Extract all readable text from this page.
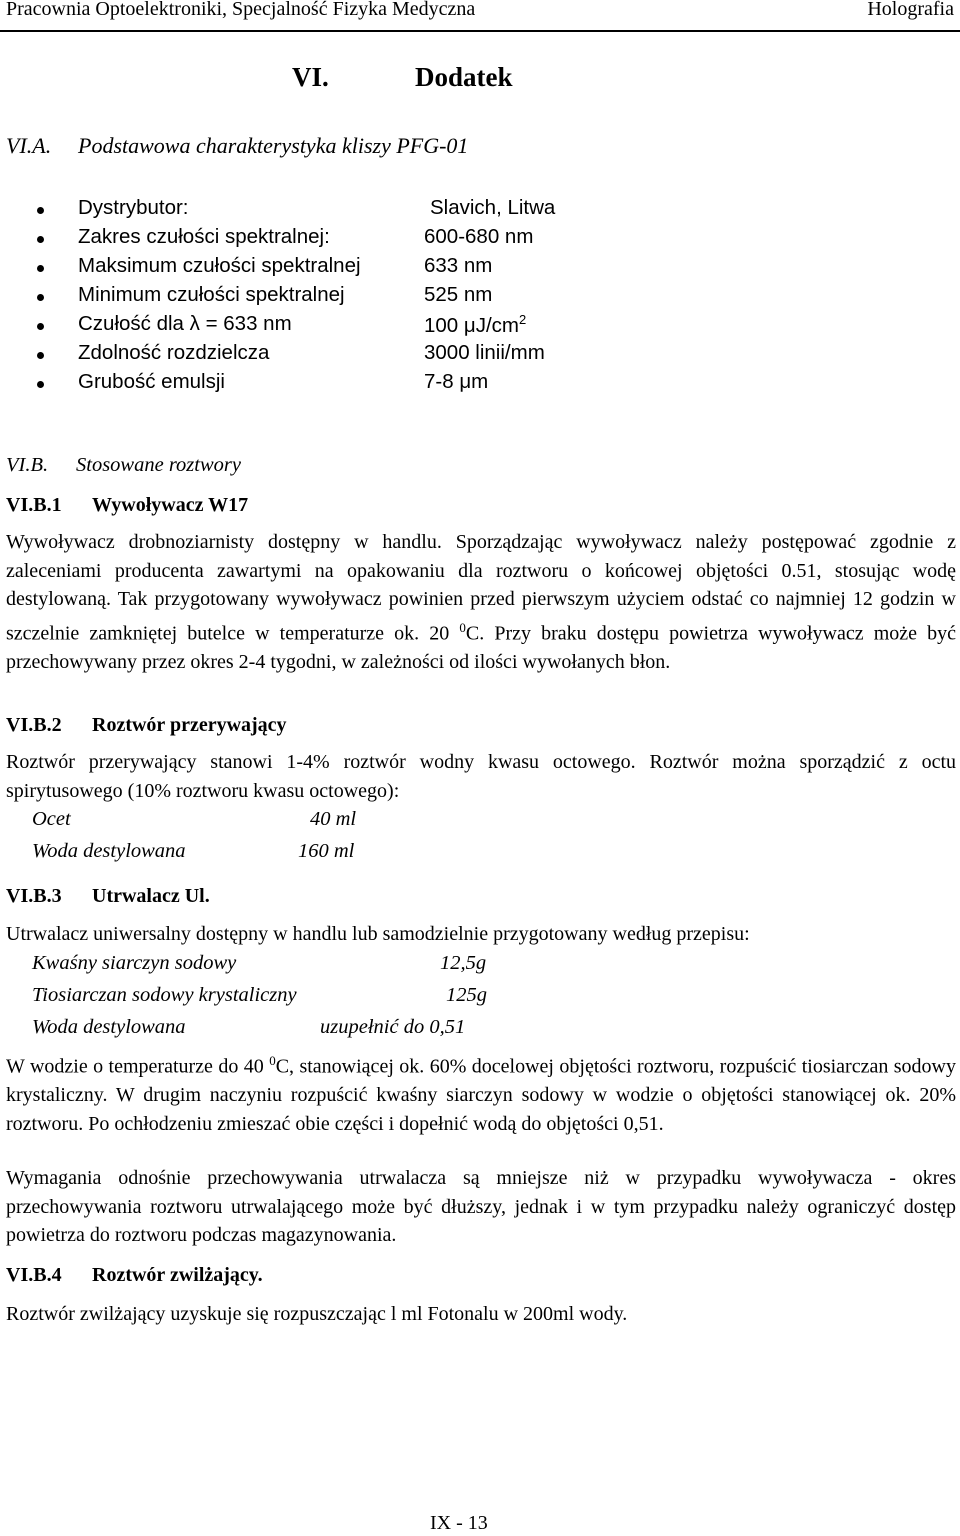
Pracownia Optoelektroniki, Specjalność Fizyka Medyczna	Holografia
VI.	Dodatek
VI.A. Podstawowa charakterystyka kliszy PFG-01
Dystrybutor:	Slavich, Litwa
Zakres czułości spektralnej:	600-680 nm
Maksimum czułości spektralnej	633 nm
Minimum czułości spektralnej	525 nm
Czułość dla λ = 633 nm	100 $\mu J/cm^2$
Zdolność rozdzielcza	3000 linii/mm
Grubość emulsji	7-8 μm
VI.B. Stosowane roztwory
VI.B.1 Wywoływacz W17
Wywoływacz drobnoziarnisty dostępny w handlu. Sporządzając wywoływacz należy postępować zgodnie z zaleceniami producenta zawartymi na opakowaniu dla roztworu o końcowej objętości 0.51, stosując wodę destylowaną. Tak przygotowany wywoływacz powinien przed pierwszym użyciem odstać co najmniej 12 godzin w szczelnie zamkniętej butelce w temperaturze ok. 20 $^0$C. Przy braku dostępu powietrza wywoływacz może być przechowywany przez okres 2-4 tygodni, w zależności od ilości wywołanych błon.
VI.B.2 Roztwór przerywający
Roztwór przerywający stanowi 1-4% roztwór wodny kwasu octowego. Roztwór można sporządzić z octu spirytusowego (10% roztworu kwasu octowego):
Ocet	40 ml
Woda destylowana	160 ml
VI.B.3 Utrwalacz Ul.
Utrwalacz uniwersalny dostępny w handlu lub samodzielnie przygotowany według przepisu:
Kwaśny siarczyn sodowy	12,5g
Tiosiarczan sodowy krystaliczny	125g
Woda destylowana	uzupełnić do 0,51
W wodzie o temperaturze do 40 $^0$C, stanowiącej ok. 60% docelowej objętości roztworu, rozpuścić tiosiarczan sodowy krystaliczny. W drugim naczyniu rozpuścić kwaśny siarczyn sodowy w wodzie o objętości stanowiącej ok. 20% roztworu. Po ochłodzeniu zmieszać obie części i dopełnić wodą do objętości 0,51.
Wymagania odnośnie przechowywania utrwalacza są mniejsze niż w przypadku wywoływacza - okres przechowywania roztworu utrwalającego może być dłuższy, jednak i w tym przypadku należy ograniczyć dostęp powietrza do roztworu podczas magazynowania.
VI.B.4 Roztwór zwilżający.
Roztwór zwilżający uzyskuje się rozpuszczając l ml Fotonalu w 200ml wody.
IX - 13
